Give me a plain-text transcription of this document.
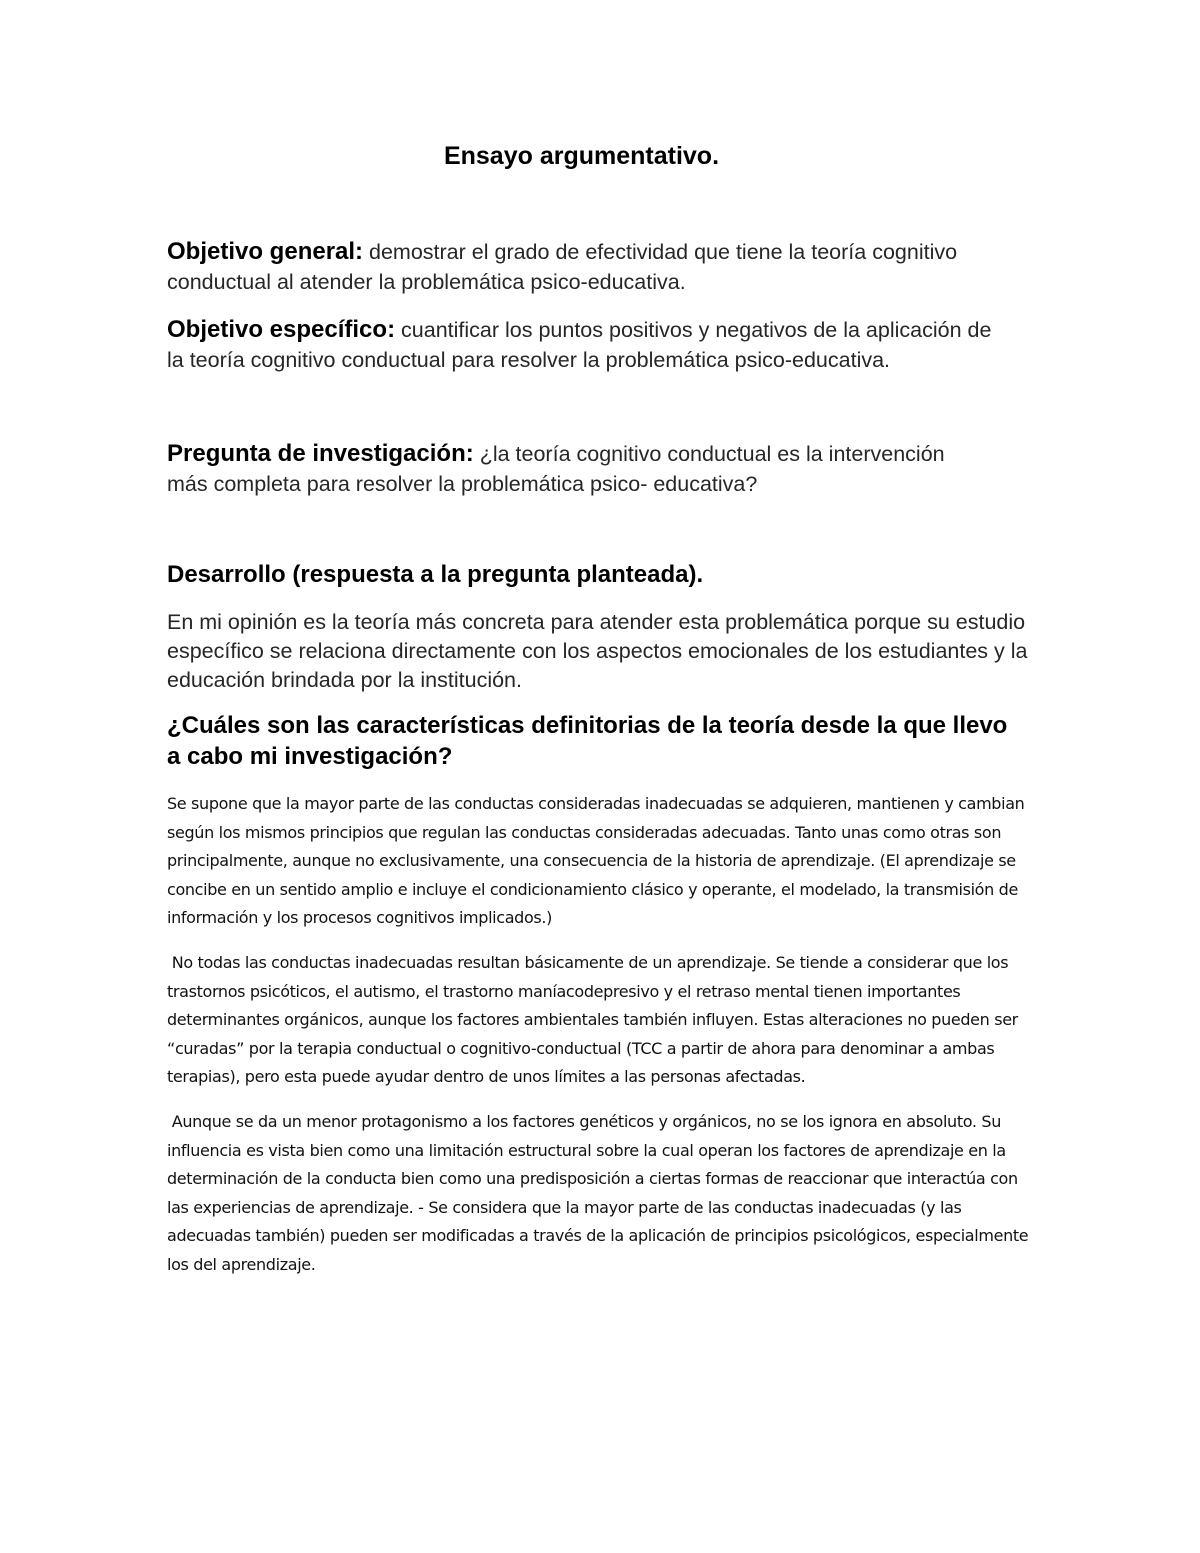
Ensayo argumentativo.

Objetivo general: demostrar el grado de efectividad que tiene la teoría cognitivo conductual al atender la problemática psico-educativa.

Objetivo específico: cuantificar los puntos positivos y negativos de la aplicación de la teoría cognitivo conductual para resolver la problemática psico-educativa.

Pregunta de investigación: ¿la teoría cognitivo conductual es la intervención más completa para resolver la problemática psico- educativa?

Desarrollo (respuesta a la pregunta planteada).

En mi opinión es la teoría más concreta para atender esta problemática porque su estudio específico se relaciona directamente con los aspectos emocionales de los estudiantes y la educación brindada por la institución.

¿Cuáles son las características definitorias de la teoría desde la que llevo a cabo mi investigación?

Se supone que la mayor parte de las conductas consideradas inadecuadas se adquieren, mantienen y cambian según los mismos principios que regulan las conductas consideradas adecuadas. Tanto unas como otras son principalmente, aunque no exclusivamente, una consecuencia de la historia de aprendizaje. (El aprendizaje se concibe en un sentido amplio e incluye el condicionamiento clásico y operante, el modelado, la transmisión de información y los procesos cognitivos implicados.)

No todas las conductas inadecuadas resultan básicamente de un aprendizaje. Se tiende a considerar que los trastornos psicóticos, el autismo, el trastorno maníacodepresivo y el retraso mental tienen importantes determinantes orgánicos, aunque los factores ambientales también influyen. Estas alteraciones no pueden ser “curadas” por la terapia conductual o cognitivo-conductual (TCC a partir de ahora para denominar a ambas terapias), pero esta puede ayudar dentro de unos límites a las personas afectadas.

Aunque se da un menor protagonismo a los factores genéticos y orgánicos, no se los ignora en absoluto. Su influencia es vista bien como una limitación estructural sobre la cual operan los factores de aprendizaje en la determinación de la conducta bien como una predisposición a ciertas formas de reaccionar que interactúa con las experiencias de aprendizaje. - Se considera que la mayor parte de las conductas inadecuadas (y las adecuadas también) pueden ser modificadas a través de la aplicación de principios psicológicos, especialmente los del aprendizaje.
